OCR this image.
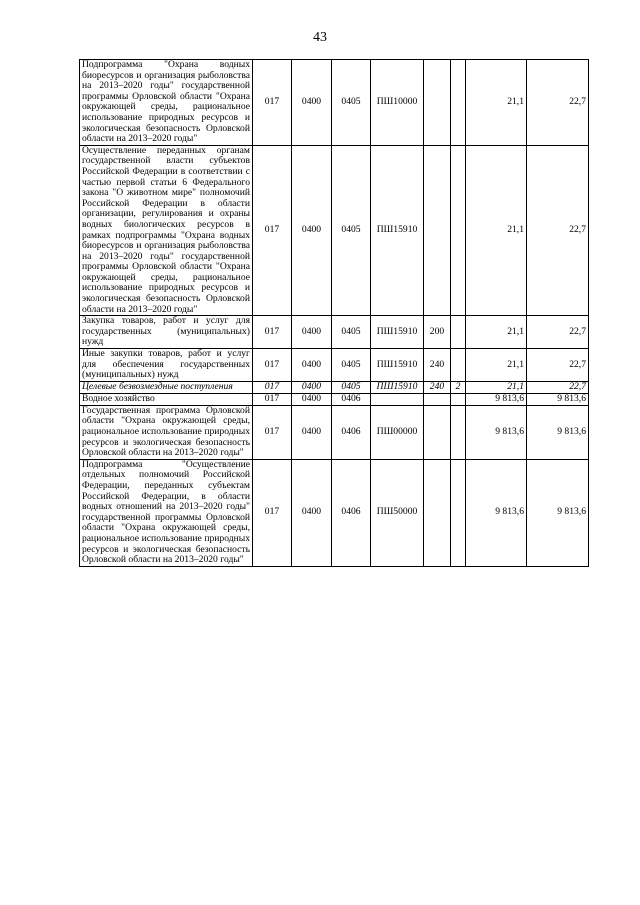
43
Подпрограмма "Охрана водных биоресурсов и организация рыболовства на 2013–2020 годы" государственной программы Орловской области "Охрана окружающей среды, рациональное использование природных ресурсов и экологическая безопасность Орловской области на 2013–2020 годы"	017	0400	0405	ПШ10000			21,1	22,7
Осуществление переданных органам государственной власти субъектов Российской Федерации в соответствии с частью первой статьи 6 Федерального закона "О животном мире" полномочий Российской Федерации в области организации, регулирования и охраны водных биологических ресурсов в рамках подпрограммы "Охрана водных биоресурсов и организация рыболовства на 2013–2020 годы" государственной программы Орловской области "Охрана окружающей среды, рациональное использование природных ресурсов и экологическая безопасность Орловской области на 2013–2020 годы"	017	0400	0405	ПШ15910			21,1	22,7
Закупка товаров, работ и услуг для государственных (муниципальных) нужд	017	0400	0405	ПШ15910	200		21,1	22,7
Иные закупки товаров, работ и услуг для обеспечения государственных (муниципальных) нужд	017	0400	0405	ПШ15910	240		21,1	22,7
Целевые безвозмездные поступления	017	0400	0405	ПШ15910	240	2	21,1	22,7
Водное хозяйство	017	0400	0406				9 813,6	9 813,6
Государственная программа Орловской области "Охрана окружающей среды, рациональное использование природных ресурсов и экологическая безопасность Орловской области на 2013–2020 годы"	017	0400	0406	ПШ00000			9 813,6	9 813,6
Подпрограмма "Осуществление отдельных полномочий Российской Федерации, переданных субъектам Российской Федерации, в области водных отношений на 2013–2020 годы" государственной программы Орловской области "Охрана окружающей среды, рациональное использование природных ресурсов и экологическая безопасность Орловской области на 2013–2020 годы"	017	0400	0406	ПШ50000			9 813,6	9 813,6
